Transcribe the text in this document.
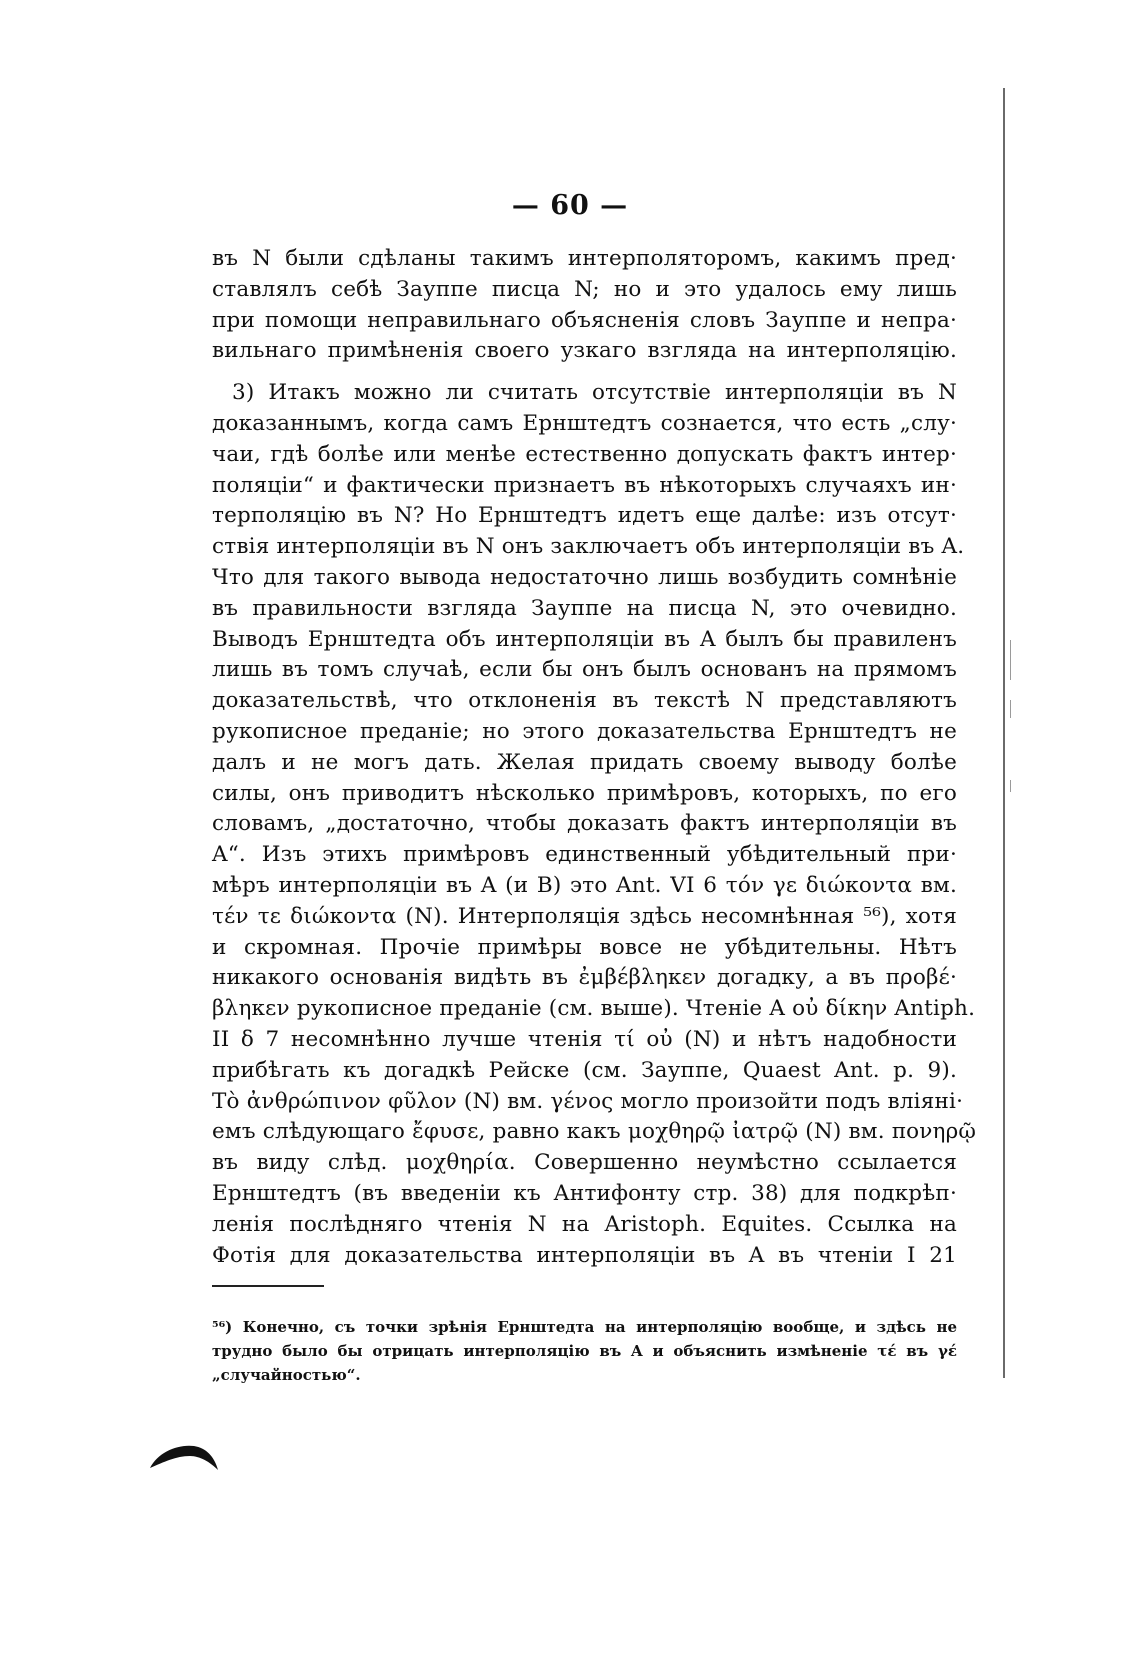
— 60 —
въ N были сдѣланы такимъ интерполяторомъ, какимъ пред·
ставлялъ себѣ Зауппе писца N; но и это удалось ему лишь
при помощи неправильнаго объясненія словъ Зауппе и непра·
вильнаго примѣненія своего узкаго взгляда на интерполяцію.
3) Итакъ можно ли считать отсутствіе интерполяціи въ N
доказаннымъ, когда самъ Ернштедтъ сознается, что есть „слу·
чаи, гдѣ болѣе или менѣе естественно допускать фактъ интер·
поляціи“ и фактически признаетъ въ нѣкоторыхъ случаяхъ ин·
терполяцію въ N? Но Ернштедтъ идетъ еще далѣе: изъ отсут·
ствія интерполяціи въ N онъ заключаетъ объ интерполяціи въ A.
Что для такого вывода недостаточно лишь возбудить сомнѣніе
въ правильности взгляда Зауппе на писца N, это очевидно.
Выводъ Ернштедта объ интерполяціи въ A былъ бы правиленъ
лишь въ томъ случаѣ, если бы онъ былъ основанъ на прямомъ
доказательствѣ, что отклоненія въ текстѣ N представляютъ
рукописное преданіе; но этого доказательства Ернштедтъ не
далъ и не могъ дать. Желая придать своему выводу болѣе
силы, онъ приводитъ нѣсколько примѣровъ, которыхъ, по его
словамъ, „достаточно, чтобы доказать фактъ интерполяціи въ
A“. Изъ этихъ примѣровъ единственный убѣдительный при·
мѣръ интерполяціи въ A (и B) это Ant. VI 6 τόν γε διώκοντα вм.
τέν τε διώκοντα (N). Интерполяція здѣсь несомнѣнная ⁵⁶), хотя
и скромная. Прочіе примѣры вовсе не убѣдительны. Нѣтъ
никакого основанія видѣть въ ἐμβέβληκεν догадку, а въ προβέ·
βληκεν рукописное преданіе (см. выше). Чтеніе A οὐ δίκην Antiph.
II δ 7 несомнѣнно лучше чтенія τί οὐ (N) и нѣтъ надобности
прибѣгать къ догадкѣ Рейске (см. Зауппе, Quaest Ant. p. 9).
Τὸ ἀνθρώπινον φῦλον (N) вм. γένος могло произойти подъ вліяні·
емъ слѣдующаго ἔφυσε, равно какъ μοχθηρῷ ἰατρῷ (N) вм. πονηρῷ
въ виду слѣд. μοχθηρία. Совершенно неумѣстно ссылается
Ернштедтъ (въ введеніи къ Антифонту стр. 38) для подкрѣп·
ленія послѣдняго чтенія N на Aristoph. Equites. Ссылка на
Фотія для доказательства интерполяціи въ A въ чтеніи I 21
⁵⁶) Конечно, съ точки зрѣнія Ернштедта на интерполяцію вообще, и здѣсь не
трудно было бы отрицать интерполяцію въ A и объяснить измѣненіе τέ въ γέ
„случайностью“.
